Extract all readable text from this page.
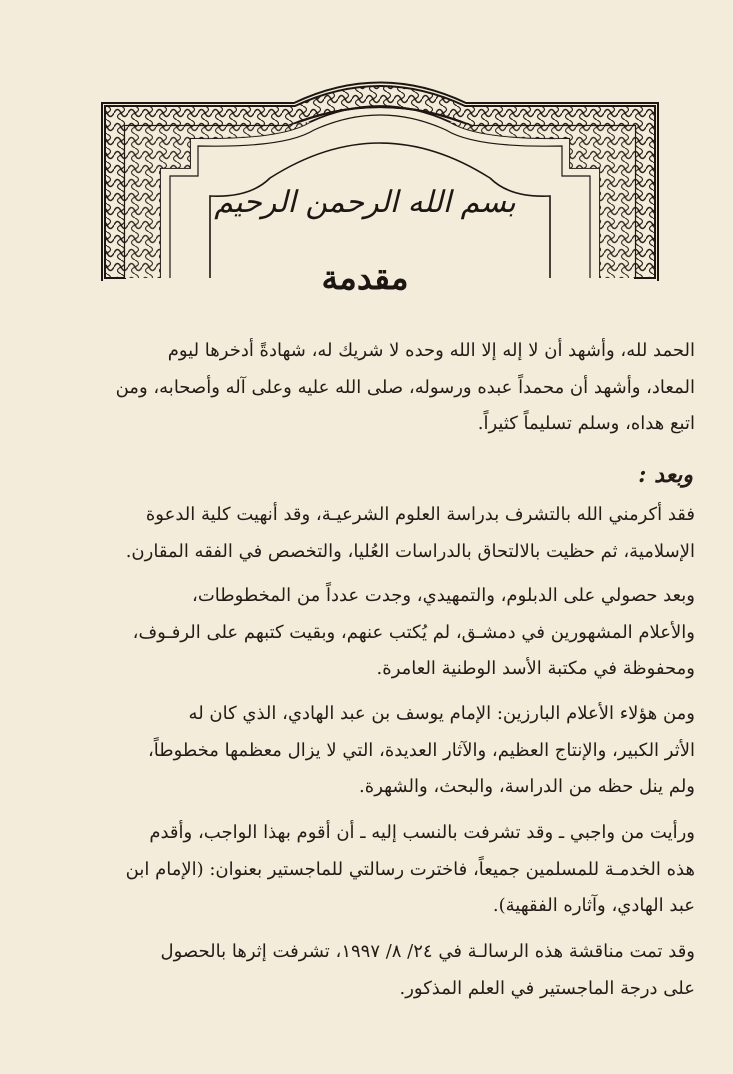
بسم الله الرحمن الرحيم
مقدمة

الحمد لله، وأشهد أن لا إله إلا الله وحده لا شريك له، شهادةً أدخرها ليوم

المعاد، وأشهد أن محمداً عبده ورسوله، صلى الله عليه وعلى آله وأصحابه، ومن

اتبع هداه، وسلم تسليماً كثيراً.

وبعد :

فقد أكرمني الله بالتشرف بدراسة العلوم الشرعيـة، وقد أنهيت كلية الدعوة

الإسلامية، ثم حظيت بالالتحاق بالدراسات العُليا، والتخصص في الفقه المقارن.

وبعد حصولي على الدبلوم، والتمهيدي، وجدت عدداً من المخطوطات،

والأعلام المشهورين في دمشـق، لم يُكتب عنهم، وبقيت كتبهم على الرفـوف،

ومحفوظة في مكتبة الأسد الوطنية العامرة.

ومن هؤلاء الأعلام البارزين: الإمام يوسف بن عبد الهادي، الذي كان له

الأثر الكبير، والإنتاج العظيم، والآثار العديدة، التي لا يزال معظمها مخطوطاً،

ولم ينل حظه من الدراسة، والبحث، والشهرة.

ورأيت من واجبي ـ وقد تشرفت بالنسب إليه ـ أن أقوم بهذا الواجب، وأقدم

هذه الخدمـة للمسلمين جميعاً، فاخترت رسالتي للماجستير بعنوان: (الإمام ابن

عبد الهادي، وآثاره الفقهية).

وقد تمت مناقشة هذه الرسالـة في ٢٤/ ٨/ ١٩٩٧، تشرفت إثرها بالحصول

على درجة الماجستير في العلم المذكور.
